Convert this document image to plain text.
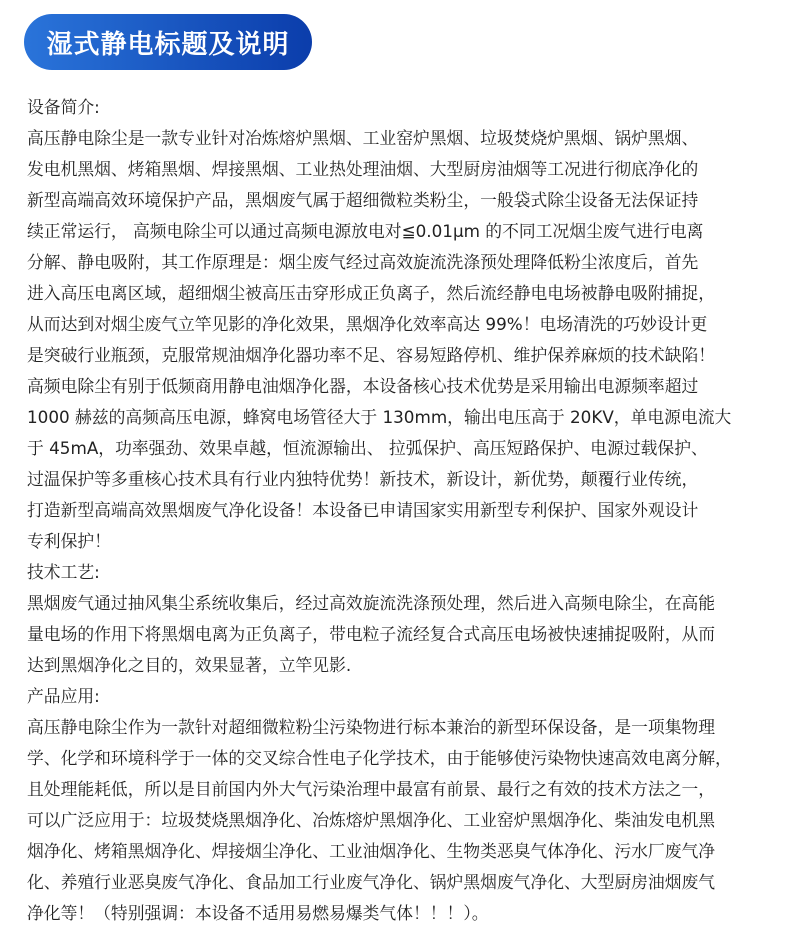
湿式静电标题及说明
设备简介:
高压静电除尘是一款专业针对冶炼熔炉黑烟、工业窑炉黑烟、垃圾焚烧炉黑烟、锅炉黑烟、
发电机黑烟、烤箱黑烟、焊接黑烟、工业热处理油烟、大型厨房油烟等工况进行彻底净化的
新型高端高效环境保护产品，黑烟废气属于超细微粒类粉尘，一般袋式除尘设备无法保证持
续正常运行， 高频电除尘可以通过高频电源放电对≦0.01μm 的不同工况烟尘废气进行电离
分解、静电吸附，其工作原理是：烟尘废气经过高效旋流洗涤预处理降低粉尘浓度后，首先
进入高压电离区域，超细烟尘被高压击穿形成正负离子，然后流经静电电场被静电吸附捕捉，
从而达到对烟尘废气立竿见影的净化效果，黑烟净化效率高达 99%！电场清洗的巧妙设计更
是突破行业瓶颈，克服常规油烟净化器功率不足、容易短路停机、维护保养麻烦的技术缺陷！
高频电除尘有别于低频商用静电油烟净化器，本设备核心技术优势是采用输出电源频率超过
1000 赫兹的高频高压电源，蜂窝电场管径大于 130mm，输出电压高于 20KV，单电源电流大
于 45mA，功率强劲、效果卓越，恒流源输出、 拉弧保护、高压短路保护、电源过载保护、
过温保护等多重核心技术具有行业内独特优势！新技术，新设计，新优势，颠覆行业传统，
打造新型高端高效黑烟废气净化设备！本设备已申请国家实用新型专利保护、国家外观设计
专利保护！
技术工艺:
黑烟废气通过抽风集尘系统收集后，经过高效旋流洗涤预处理，然后进入高频电除尘，在高能
量电场的作用下将黑烟电离为正负离子，带电粒子流经复合式高压电场被快速捕捉吸附，从而
达到黑烟净化之目的，效果显著，立竿见影.
产品应用:
高压静电除尘作为一款针对超细微粒粉尘污染物进行标本兼治的新型环保设备，是一项集物理
学、化学和环境科学于一体的交叉综合性电子化学技术，由于能够使污染物快速高效电离分解，
且处理能耗低，所以是目前国内外大气污染治理中最富有前景、最行之有效的技术方法之一，
可以广泛应用于：垃圾焚烧黑烟净化、冶炼熔炉黑烟净化、工业窑炉黑烟净化、柴油发电机黑
烟净化、烤箱黑烟净化、焊接烟尘净化、工业油烟净化、生物类恶臭气体净化、污水厂废气净
化、养殖行业恶臭废气净化、食品加工行业废气净化、锅炉黑烟废气净化、大型厨房油烟废气
净化等！（特别强调：本设备不适用易燃易爆类气体！！！）。
